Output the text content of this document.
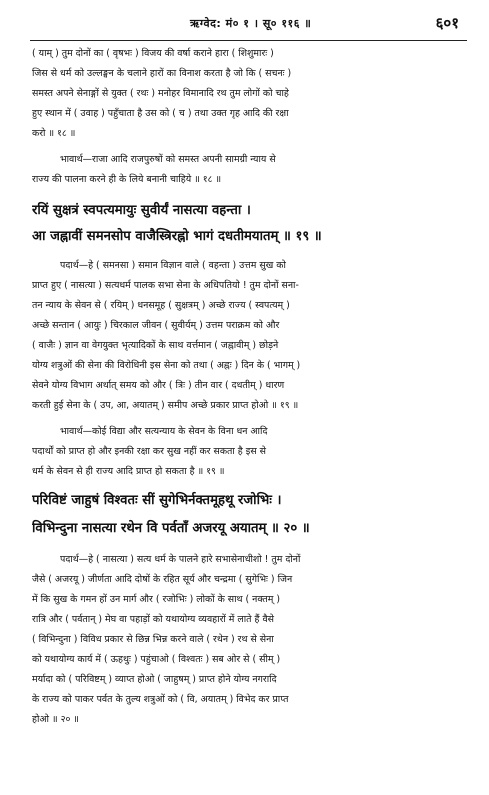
ऋग्वेद: मं० १ । सू० ११६ ॥	६०१
( याम् ) तुम दोनों का ( वृषभः ) विजय की वर्षा कराने हारा ( शिशुमारः )
जिस से धर्म को उल्लङ्घन के चलाने हारों का विनाश करता है जो कि ( सचनः )
समस्त अपने सेनाङ्गों से युक्त ( रथः ) मनोहर विमानादि रथ तुम लोगों को चाहे
हुए स्थान में ( उवाह ) पहुँचाता है उस को ( च ) तथा उक्त गृह आदि की रक्षा
करो ॥ १८ ॥
भावार्थ—राजा आदि राजपुरुषों को समस्त अपनी सामग्री न्याय से
राज्य की पालना करने ही के लिये बनानी चाहिये ॥ १८ ॥
रयिं सुक्षत्रं स्वपत्यमायुः सुवीर्यं नासत्या वहन्ता ।
आ जह्नावीं समनसोप वाजैस्त्रिरह्नो भागं दधतीमयातम् ॥ १९ ॥
पदार्थ—हे ( समनसा ) समान विज्ञान वाले ( वहन्ता ) उत्तम सुख को
प्राप्त हुए ( नासत्या ) सत्यधर्म पालक सभा सेना के अधिपतियो ! तुम दोनों सना-
तन न्याय के सेवन से ( रयिम् ) धनसमूह ( सुक्षत्रम् ) अच्छे राज्य ( स्वपत्यम् )
अच्छे सन्तान ( आयुः ) चिरकाल जीवन ( सुवीर्यम् ) उत्तम पराक्रम को और
( वाजैः ) ज्ञान वा वेगयुक्त भृत्यादिकों के साथ वर्त्तमान ( जह्नावीम् ) छोड़ने
योग्य शत्रुओं की सेना की विरोधिनी इस सेना को तथा ( अह्नः ) दिन के ( भागम् )
सेवने योग्य विभाग अर्थात् समय को और ( त्रिः ) तीन वार ( दधतीम् ) धारण
करती हुई सेना के ( उप, आ, अयातम् ) समीप अच्छे प्रकार प्राप्त होओ ॥ १९ ॥
भावार्थ—कोई विद्या और सत्यन्याय के सेवन के विना धन आदि
पदार्थों को प्राप्त हो और इनकी रक्षा कर सुख नहीं कर सकता है इस से
धर्म के सेवन से ही राज्य आदि प्राप्त हो सकता है ॥ १९ ॥
परिविष्टं जाहुषं विश्वतः सीं सुगेभिर्नक्तमूहथू रजोभिः ।
विभिन्दुना नासत्या रथेन वि पर्वताँ अजरयू अयातम् ॥ २० ॥
पदार्थ—हे ( नासत्या ) सत्य धर्म के पालने हारे सभासेनाधीशो ! तुम दोनों
जैसे ( अजरयू ) जीर्णता आदि दोषों के रहित सूर्य और चन्द्रमा ( सुगेभिः ) जिन
में कि सुख के गमन हों उन मार्ग और ( रजोभिः ) लोकों के साथ ( नक्तम् )
रात्रि और ( पर्वतान् ) मेघ वा पहाड़ों को यथायोग्य व्यवहारों में लाते हैं वैसे
( विभिन्दुना ) विविध प्रकार से छिन्न भिन्न करने वाले ( रथेन ) रथ से सेना
को यथायोग्य कार्य में ( ऊहथुः ) पहुंचाओ ( विश्वतः ) सब ओर से ( सीम् )
मर्यादा को ( परिविष्टम् ) व्याप्त होओ ( जाहुषम् ) प्राप्त होने योग्य नगरादि
के राज्य को पाकर पर्वत के तुल्य शत्रुओं को ( वि, अयातम् ) विभेद कर प्राप्त
होओ ॥ २० ॥
